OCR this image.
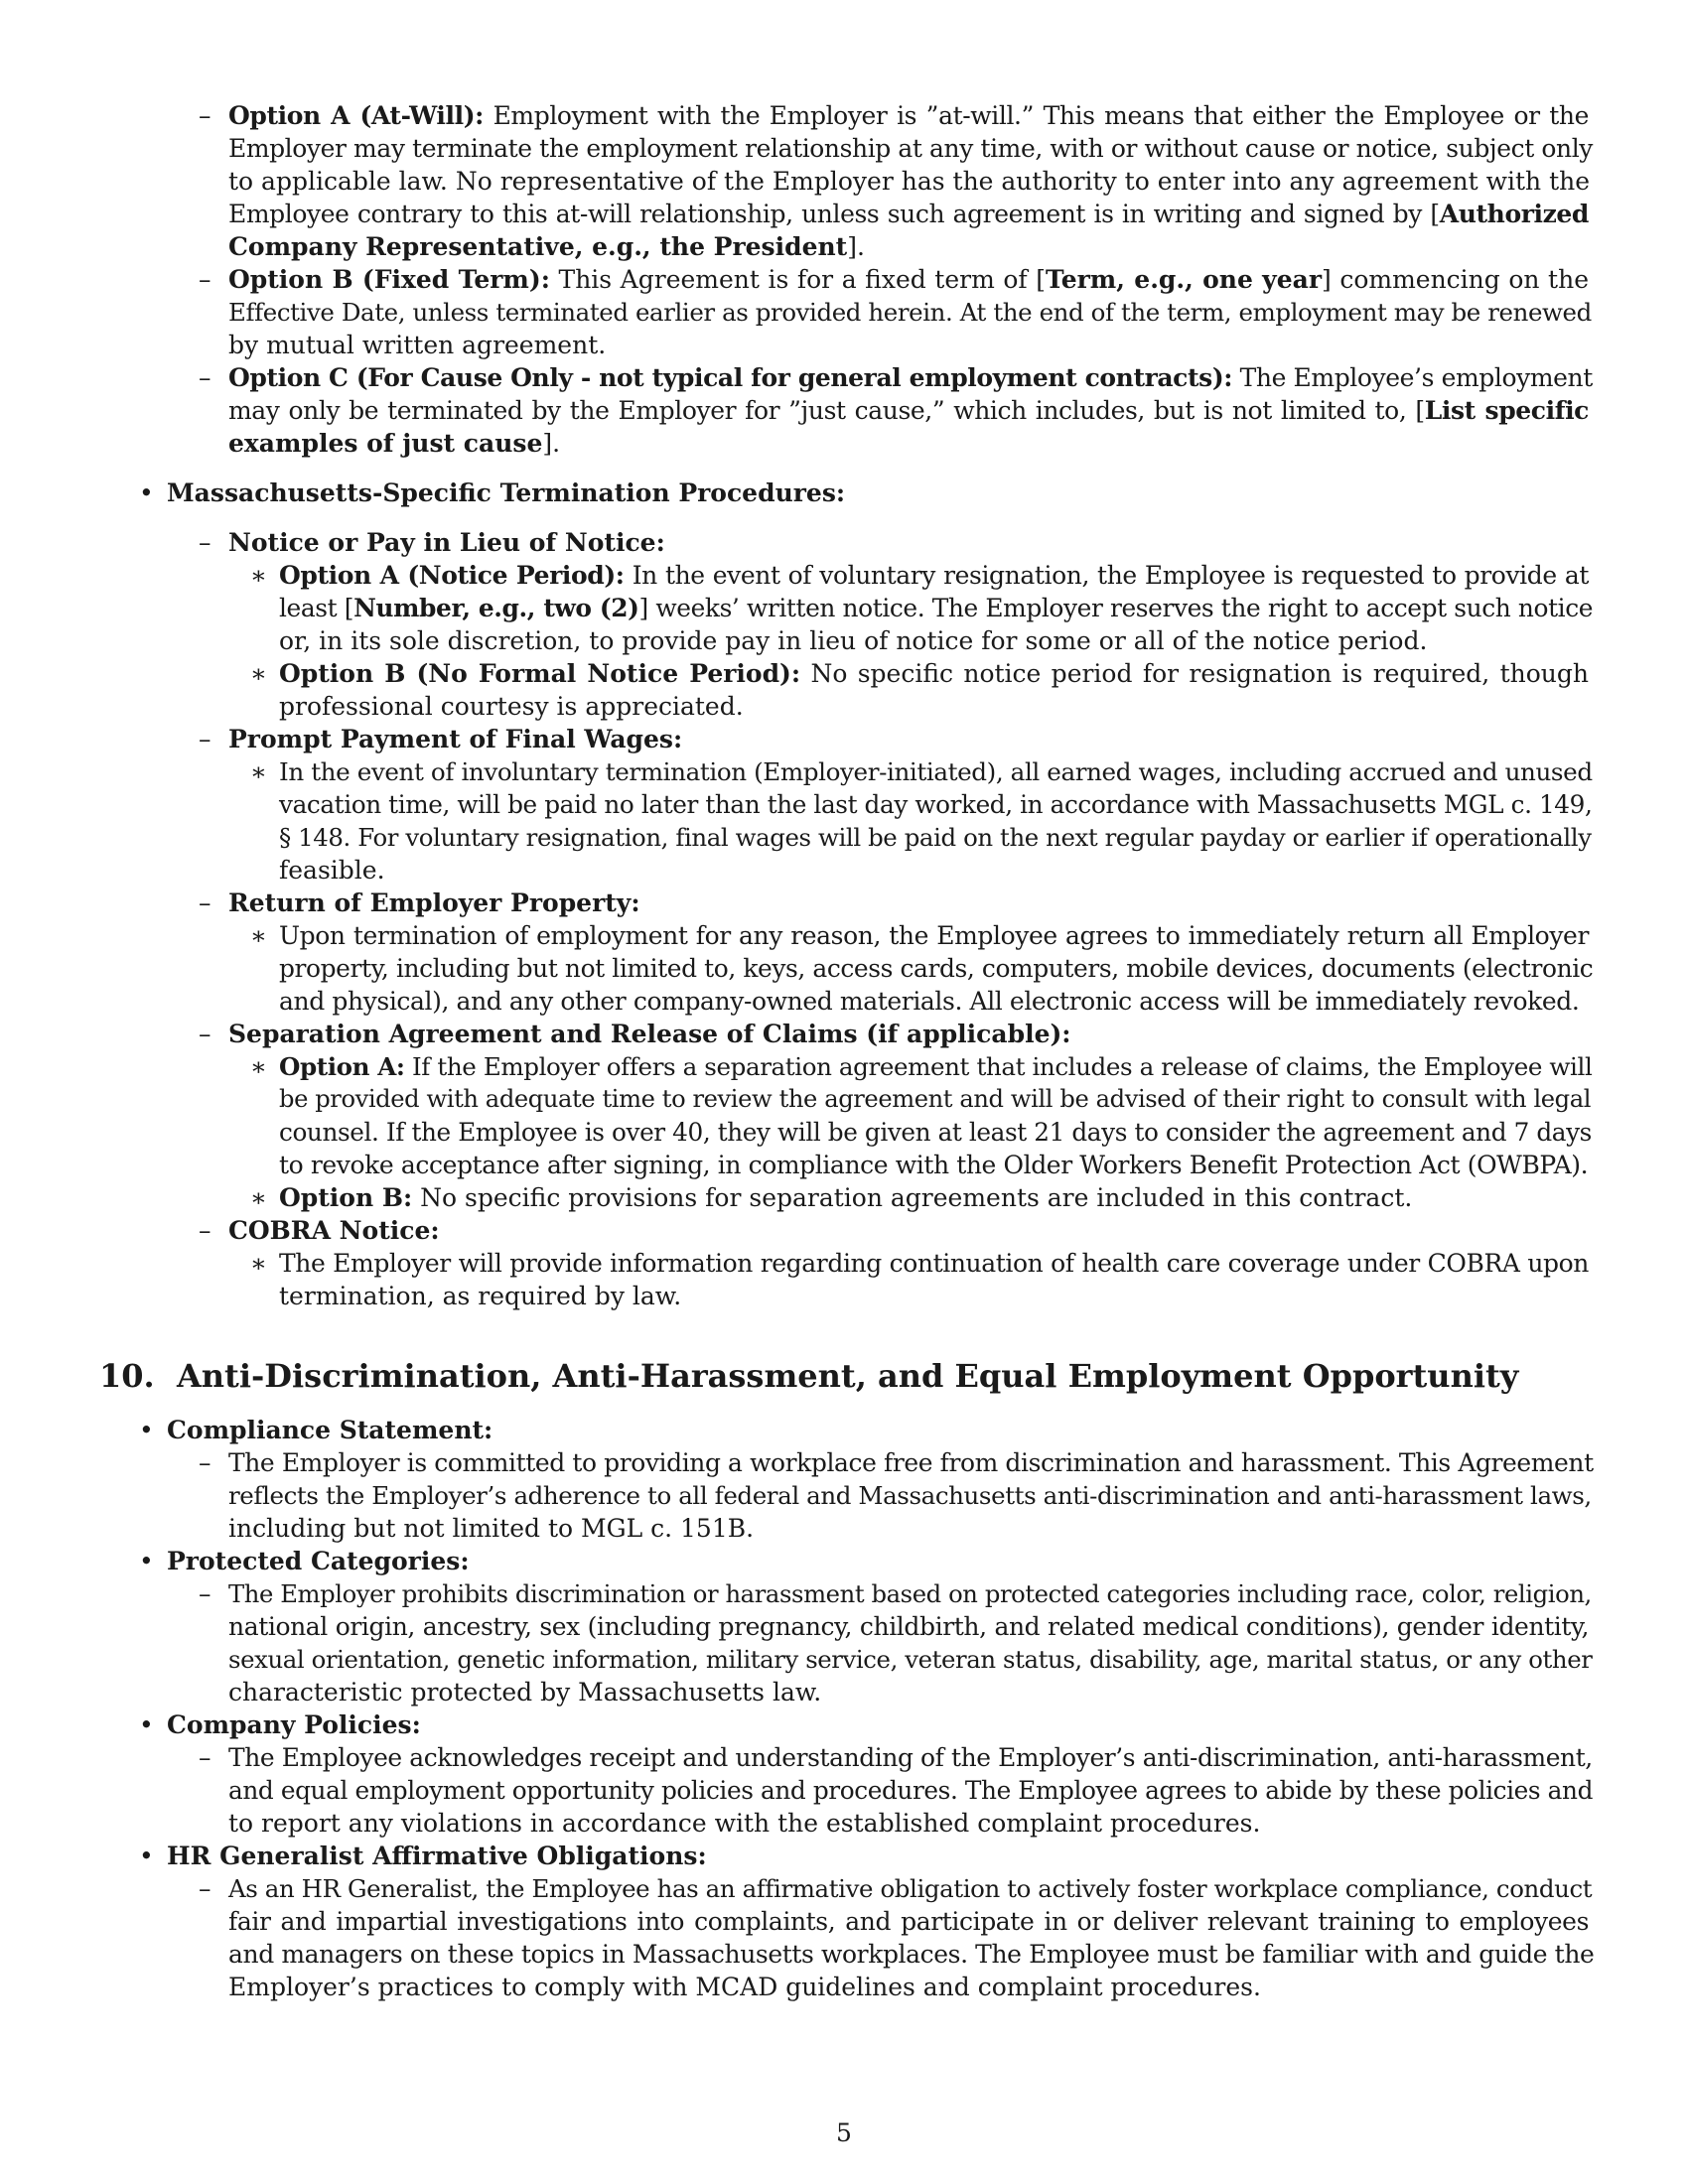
– Option A (At-Will): Employment with the Employer is ”at-will.” This means that either the Employee or the
Employer may terminate the employment relationship at any time, with or without cause or notice, subject only
to applicable law. No representative of the Employer has the authority to enter into any agreement with the
Employee contrary to this at-will relationship, unless such agreement is in writing and signed by [Authorized
Company Representative, e.g., the President].
– Option B (Fixed Term): This Agreement is for a fixed term of [Term, e.g., one year] commencing on the
Effective Date, unless terminated earlier as provided herein. At the end of the term, employment may be renewed
by mutual written agreement.
– Option C (For Cause Only - not typical for general employment contracts): The Employee’s employment
may only be terminated by the Employer for ”just cause,” which includes, but is not limited to, [List specific
examples of just cause].
• Massachusetts-Specific Termination Procedures:
– Notice or Pay in Lieu of Notice:
∗ Option A (Notice Period): In the event of voluntary resignation, the Employee is requested to provide at
least [Number, e.g., two (2)] weeks’ written notice. The Employer reserves the right to accept such notice
or, in its sole discretion, to provide pay in lieu of notice for some or all of the notice period.
∗ Option B (No Formal Notice Period): No specific notice period for resignation is required, though
professional courtesy is appreciated.
– Prompt Payment of Final Wages:
∗ In the event of involuntary termination (Employer-initiated), all earned wages, including accrued and unused
vacation time, will be paid no later than the last day worked, in accordance with Massachusetts MGL c. 149,
§ 148. For voluntary resignation, final wages will be paid on the next regular payday or earlier if operationally
feasible.
– Return of Employer Property:
∗ Upon termination of employment for any reason, the Employee agrees to immediately return all Employer
property, including but not limited to, keys, access cards, computers, mobile devices, documents (electronic
and physical), and any other company-owned materials. All electronic access will be immediately revoked.
– Separation Agreement and Release of Claims (if applicable):
∗ Option A: If the Employer offers a separation agreement that includes a release of claims, the Employee will
be provided with adequate time to review the agreement and will be advised of their right to consult with legal
counsel. If the Employee is over 40, they will be given at least 21 days to consider the agreement and 7 days
to revoke acceptance after signing, in compliance with the Older Workers Benefit Protection Act (OWBPA).
∗ Option B: No specific provisions for separation agreements are included in this contract.
– COBRA Notice:
∗ The Employer will provide information regarding continuation of health care coverage under COBRA upon
termination, as required by law.
10. Anti-Discrimination, Anti-Harassment, and Equal Employment Opportunity
• Compliance Statement:
– The Employer is committed to providing a workplace free from discrimination and harassment. This Agreement
reflects the Employer’s adherence to all federal and Massachusetts anti-discrimination and anti-harassment laws,
including but not limited to MGL c. 151B.
• Protected Categories:
– The Employer prohibits discrimination or harassment based on protected categories including race, color, religion,
national origin, ancestry, sex (including pregnancy, childbirth, and related medical conditions), gender identity,
sexual orientation, genetic information, military service, veteran status, disability, age, marital status, or any other
characteristic protected by Massachusetts law.
• Company Policies:
– The Employee acknowledges receipt and understanding of the Employer’s anti-discrimination, anti-harassment,
and equal employment opportunity policies and procedures. The Employee agrees to abide by these policies and
to report any violations in accordance with the established complaint procedures.
• HR Generalist Affirmative Obligations:
– As an HR Generalist, the Employee has an affirmative obligation to actively foster workplace compliance, conduct
fair and impartial investigations into complaints, and participate in or deliver relevant training to employees
and managers on these topics in Massachusetts workplaces. The Employee must be familiar with and guide the
Employer’s practices to comply with MCAD guidelines and complaint procedures.
5
